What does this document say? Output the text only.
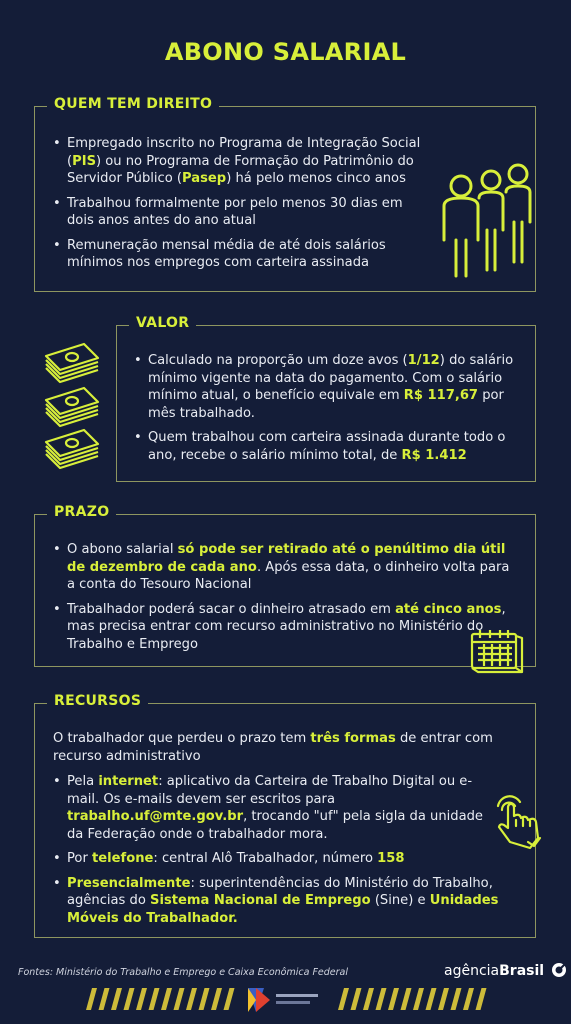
ABONO SALARIAL
QUEM TEM DIREITO
• Empregado inscrito no Programa de Integração Social (PIS) ou no Programa de Formação do Patrimônio do Servidor Público (Pasep) há pelo menos cinco anos
• Trabalhou formalmente por pelo menos 30 dias em dois anos antes do ano atual
• Remuneração mensal média de até dois salários mínimos nos empregos com carteira assinada
VALOR
• Calculado na proporção um doze avos (1/12) do salário mínimo vigente na data do pagamento. Com o salário mínimo atual, o benefício equivale em R$ 117,67 por mês trabalhado.
• Quem trabalhou com carteira assinada durante todo o ano, recebe o salário mínimo total, de R$ 1.412
PRAZO
• O abono salarial só pode ser retirado até o penúltimo dia útil de dezembro de cada ano. Após essa data, o dinheiro volta para a conta do Tesouro Nacional
• Trabalhador poderá sacar o dinheiro atrasado em até cinco anos, mas precisa entrar com recurso administrativo no Ministério do Trabalho e Emprego
RECURSOS

O trabalhador que perdeu o prazo tem três formas de entrar com recurso administrativo

• Pela internet: aplicativo da Carteira de Trabalho Digital ou e-mail. Os e-mails devem ser escritos para trabalho.uf@mte.gov.br, trocando "uf" pela sigla da unidade da Federação onde o trabalhador mora.
• Por telefone: central Alô Trabalhador, número 158
• Presencialmente: superintendências do Ministério do Trabalho, agências do Sistema Nacional de Emprego (Sine) e Unidades Móveis do Trabalhador.
Fontes: Ministério do Trabalho e Emprego e Caixa Econômica Federal	agênciaBrasil
